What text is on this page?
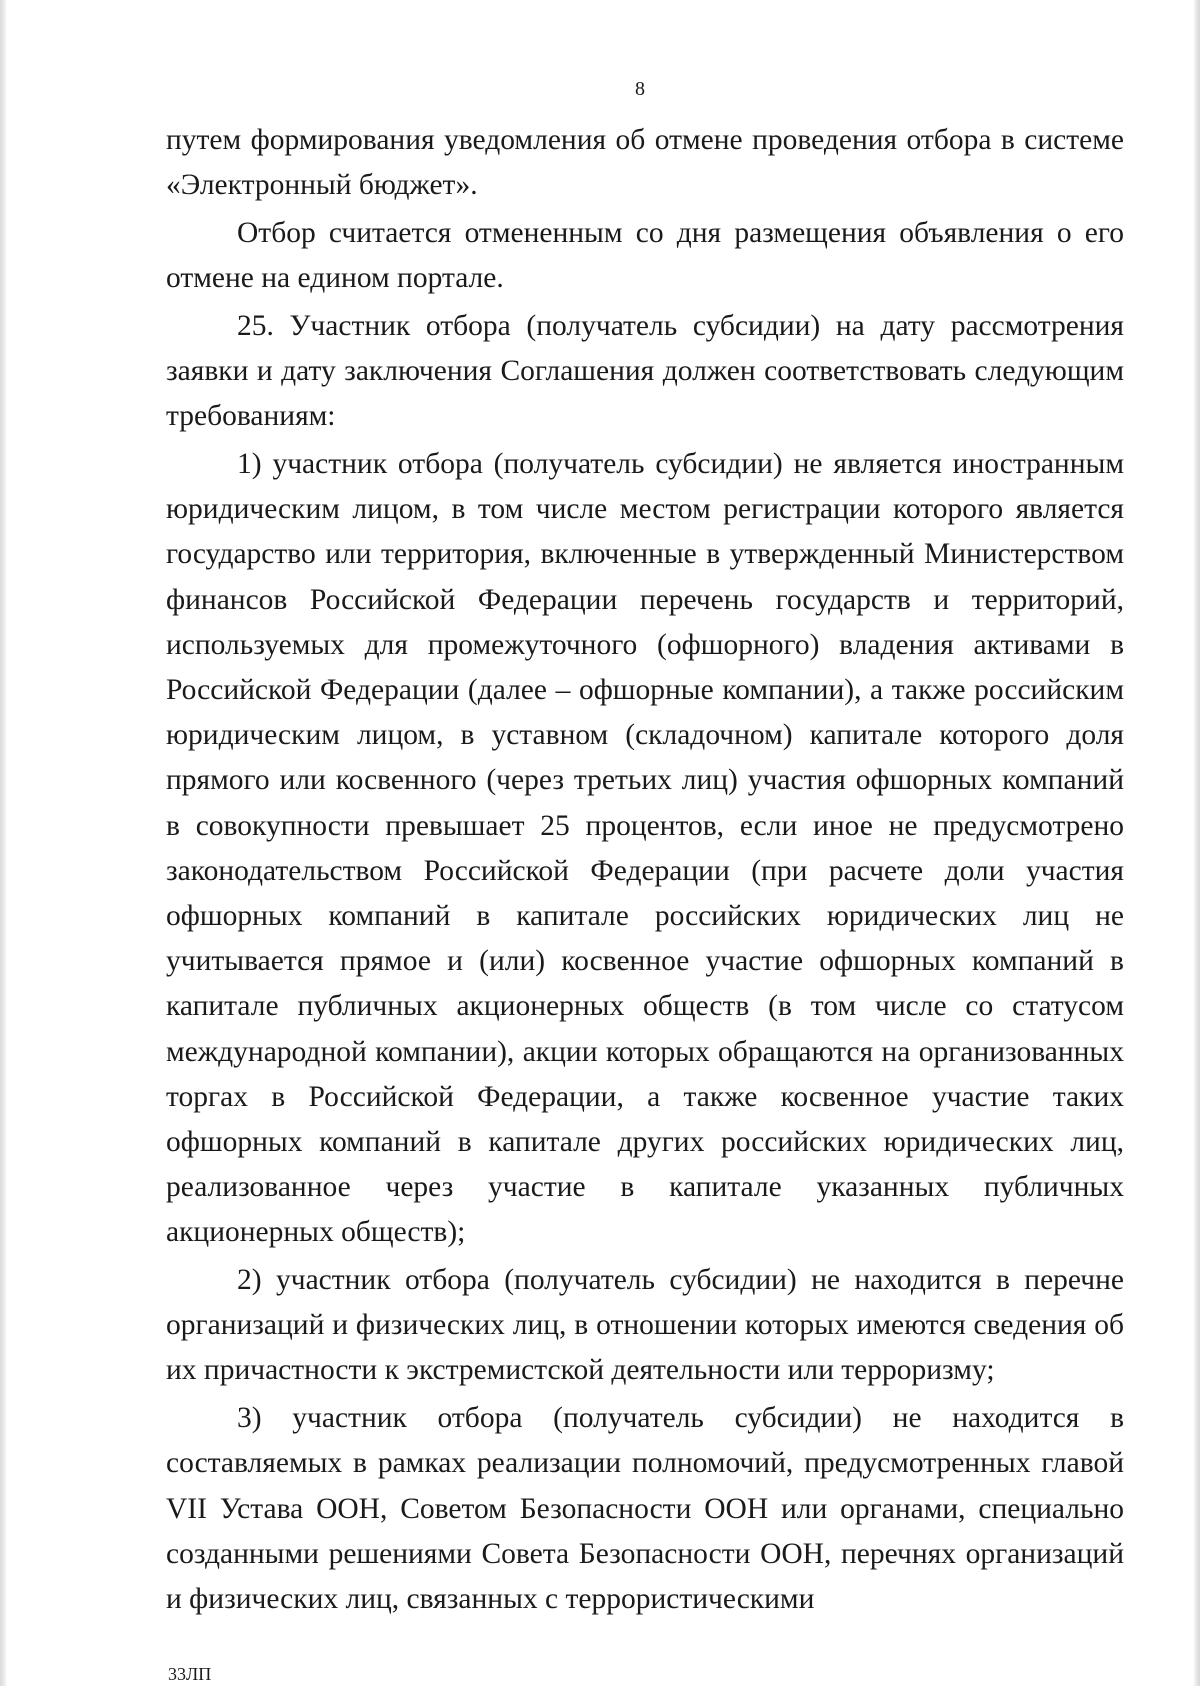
8

путем формирования уведомления об отмене проведения отбора в системе «Электронный бюджет».

Отбор считается отмененным со дня размещения объявления о его отмене на едином портале.

25. Участник отбора (получатель субсидии) на дату рассмотрения заявки и дату заключения Соглашения должен соответствовать следующим требованиям:

1) участник отбора (получатель субсидии) не является иностранным юридическим лицом, в том числе местом регистрации которого является государство или территория, включенные в утвержденный Министерством финансов Российской Федерации перечень государств и территорий, используемых для промежуточного (офшорного) владения активами в Российской Федерации (далее – офшорные компании), а также российским юридическим лицом, в уставном (складочном) капитале которого доля прямого или косвенного (через третьих лиц) участия офшорных компаний в совокупности превышает 25 процентов, если иное не предусмотрено законодательством Российской Федерации (при расчете доли участия офшорных компаний в капитале российских юридических лиц не учитывается прямое и (или) косвенное участие офшорных компаний в капитале публичных акционерных обществ (в том числе со статусом международной компании), акции которых обращаются на организованных торгах в Российской Федерации, а также косвенное участие таких офшорных компаний в капитале других российских юридических лиц, реализованное через участие в капитале указанных публичных акционерных обществ);

2) участник отбора (получатель субсидии) не находится в перечне организаций и физических лиц, в отношении которых имеются сведения об их причастности к экстремистской деятельности или терроризму;

3) участник отбора (получатель субсидии) не находится в составляемых в рамках реализации полномочий, предусмотренных главой VII Устава ООН, Советом Безопасности ООН или органами, специально созданными решениями Совета Безопасности ООН, перечнях организаций и физических лиц, связанных с террористическими

33ЛП
